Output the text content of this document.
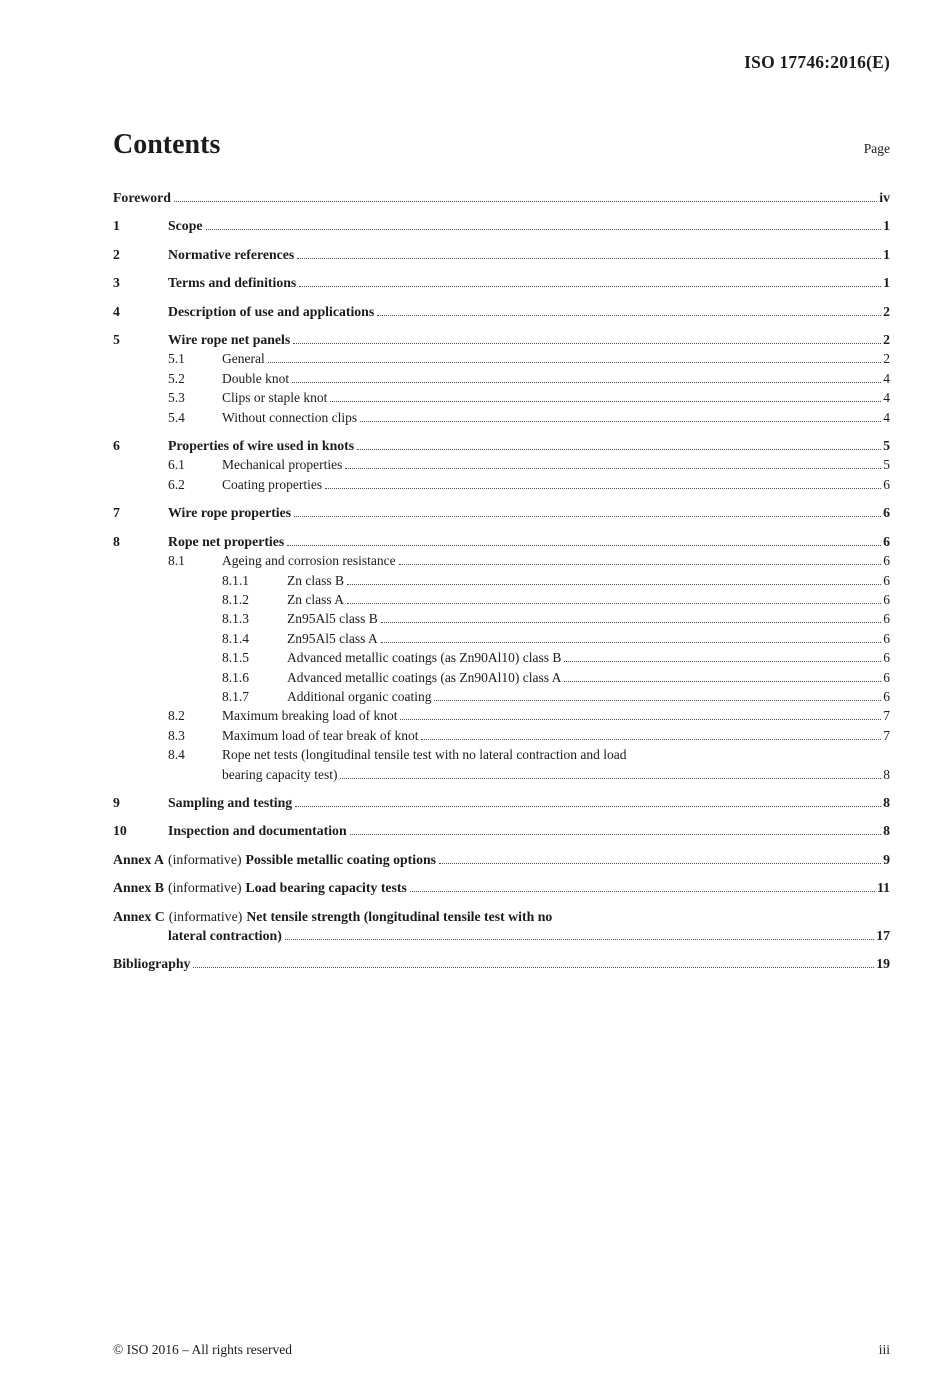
ISO 17746:2016(E)
Contents	Page
Foreword	iv
1	Scope	1
2	Normative references	1
3	Terms and definitions	1
4	Description of use and applications	2
5	Wire rope net panels	2
5.1	General	2
5.2	Double knot	4
5.3	Clips or staple knot	4
5.4	Without connection clips	4
6	Properties of wire used in knots	5
6.1	Mechanical properties	5
6.2	Coating properties	6
7	Wire rope properties	6
8	Rope net properties	6
8.1	Ageing and corrosion resistance	6
8.1.1	Zn class B	6
8.1.2	Zn class A	6
8.1.3	Zn95Al5 class B	6
8.1.4	Zn95Al5 class A	6
8.1.5	Advanced metallic coatings (as Zn90Al10) class B	6
8.1.6	Advanced metallic coatings (as Zn90Al10) class A	6
8.1.7	Additional organic coating	6
8.2	Maximum breaking load of knot	7
8.3	Maximum load of tear break of knot	7
8.4	Rope net tests (longitudinal tensile test with no lateral contraction and load
bearing capacity test)	8
9	Sampling and testing	8
10	Inspection and documentation	8
Annex A (informative) Possible metallic coating options	9
Annex B (informative) Load bearing capacity tests	11
Annex C (informative) Net tensile strength (longitudinal tensile test with no
lateral contraction)	17
Bibliography	19
© ISO 2016 – All rights reserved	iii
